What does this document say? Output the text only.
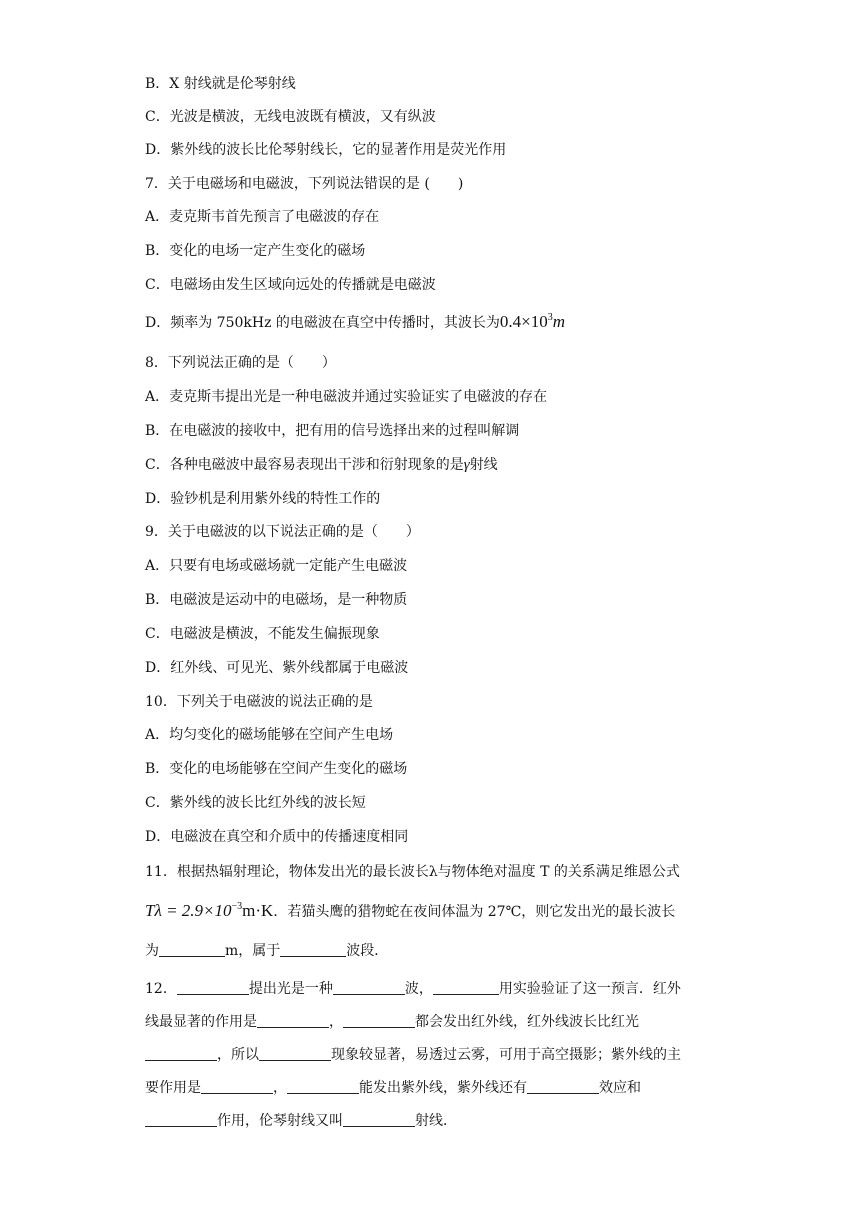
B．X 射线就是伦琴射线
C．光波是横波，无线电波既有横波，又有纵波
D．紫外线的波长比伦琴射线长，它的显著作用是荧光作用
7．关于电磁场和电磁波，下列说法错误的是 (　　)
A．麦克斯韦首先预言了电磁波的存在
B．变化的电场一定产生变化的磁场
C．电磁场由发生区域向远处的传播就是电磁波
D．频率为 750kHz 的电磁波在真空中传播时，其波长为$0.4\times 10^3m$
8．下列说法正确的是（　　）
A．麦克斯韦提出光是一种电磁波并通过实验证实了电磁波的存在
B．在电磁波的接收中，把有用的信号选择出来的过程叫解调
C．各种电磁波中最容易表现出干涉和衍射现象的是γ射线
D．验钞机是利用紫外线的特性工作的
9．关于电磁波的以下说法正确的是（　　）
A．只要有电场或磁场就一定能产生电磁波
B．电磁波是运动中的电磁场，是一种物质
C．电磁波是横波，不能发生偏振现象
D．红外线、可见光、紫外线都属于电磁波
10．下列关于电磁波的说法正确的是
A．均匀变化的磁场能够在空间产生电场
B．变化的电场能够在空间产生变化的磁场
C．紫外线的波长比红外线的波长短
D．电磁波在真空和介质中的传播速度相同
11．根据热辐射理论，物体发出光的最长波长λ与物体绝对温度 T 的关系满足维恩公式
$T\lambda = 2.9\times 10^{-3}m\cdot K$．若猫头鹰的猎物蛇在夜间体温为 27℃，则它发出光的最长波长
为	m，属于	波段．
12．	提出光是一种	波，	用实验验证了这一预言．红外
线最显著的作用是	，	都会发出红外线，红外线波长比红光
，所以	现象较显著，易透过云雾，可用于高空摄影；紫外线的主
要作用是	，	能发出紫外线，紫外线还有	效应和
作用，伦琴射线又叫	射线．
